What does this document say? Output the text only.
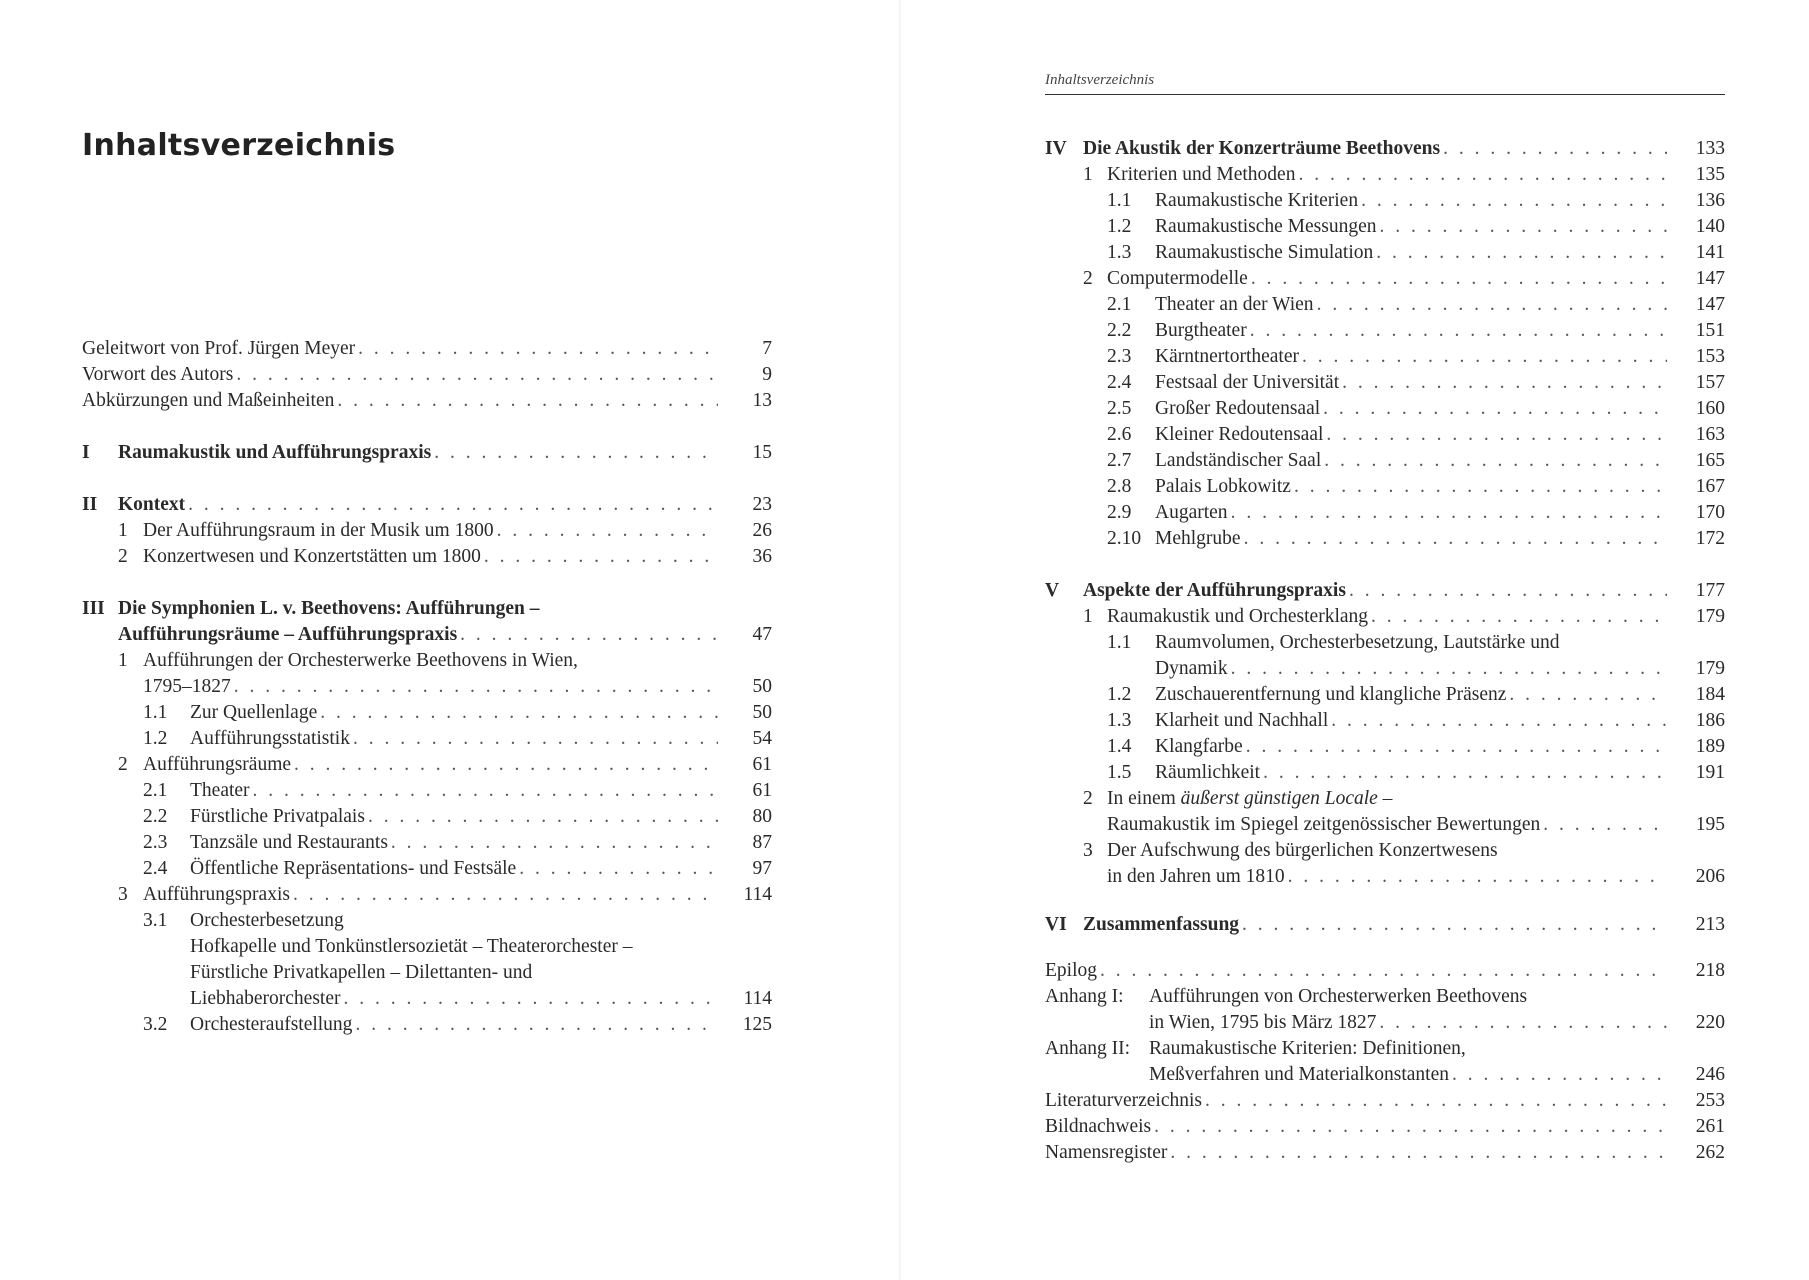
Inhaltsverzeichnis
Geleitwort von Prof. Jürgen Meyer . . .	7
Vorwort des Autors . . .	9
Abkürzungen und Maßeinheiten . . .	13
I	Raumakustik und Aufführungspraxis . . .	15
II	Kontext . . .	23
1 Der Aufführungsraum in der Musik um 1800 . . .	26
2 Konzertwesen und Konzertstätten um 1800 . . .	36
III Die Symphonien L. v. Beethovens: Aufführungen –
Aufführungsräume – Aufführungspraxis . . .	47
1 Aufführungen der Orchesterwerke Beethovens in Wien,
1795–1827 . . .	50
1.1	Zur Quellenlage . . .	50
1.2	Aufführungsstatistik . . .	54
2 Aufführungsräume . . .	61
2.1	Theater . . .	61
2.2	Fürstliche Privatpalais . . .	80
2.3	Tanzsäle und Restaurants . . .	87
2.4	Öffentliche Repräsentations- und Festsäle . . .	97
3 Aufführungspraxis . . .	114
3.1	Orchesterbesetzung
Hofkapelle und Tonkünstlersozietät – Theaterorchester –
Fürstliche Privatkapellen – Dilettanten- und
Liebhaberorchester . . .	114
3.2	Orchesteraufstellung . . .	125
Inhaltsverzeichnis
IV Die Akustik der Konzerträume Beethovens . . .	133
1 Kriterien und Methoden . . .	135
1.1	Raumakustische Kriterien . . .	136
1.2	Raumakustische Messungen . . .	140
1.3	Raumakustische Simulation . . .	141
2 Computermodelle . . .	147
2.1	Theater an der Wien . . .	147
2.2	Burgtheater . . .	151
2.3	Kärntnertortheater . . .	153
2.4	Festsaal der Universität . . .	157
2.5	Großer Redoutensaal . . .	160
2.6	Kleiner Redoutensaal . . .	163
2.7	Landständischer Saal . . .	165
2.8	Palais Lobkowitz . . .	167
2.9	Augarten . . .	170
2.10 Mehlgrube . . .	172
V	Aspekte der Aufführungspraxis . . .	177
1 Raumakustik und Orchesterklang . . .	179
1.1	Raumvolumen, Orchesterbesetzung, Lautstärke und
Dynamik . . .	179
1.2	Zuschauerentfernung und klangliche Präsenz . . .	184
1.3	Klarheit und Nachhall . . .	186
1.4	Klangfarbe . . .	189
1.5	Räumlichkeit . . .	191
2 In einem äußerst günstigen Locale –
Raumakustik im Spiegel zeitgenössischer Bewertungen . . .	195
3 Der Aufschwung des bürgerlichen Konzertwesens
in den Jahren um 1810 . . .	206
VI Zusammenfassung . . .	213
Epilog . . .	218
Anhang I:	Aufführungen von Orchesterwerken Beethovens
in Wien, 1795 bis März 1827 . . .	220
Anhang II: Raumakustische Kriterien: Definitionen,
Meßverfahren und Materialkonstanten . . .	246
Literaturverzeichnis . . .	253
Bildnachweis . . .	261
Namensregister . . .	262
